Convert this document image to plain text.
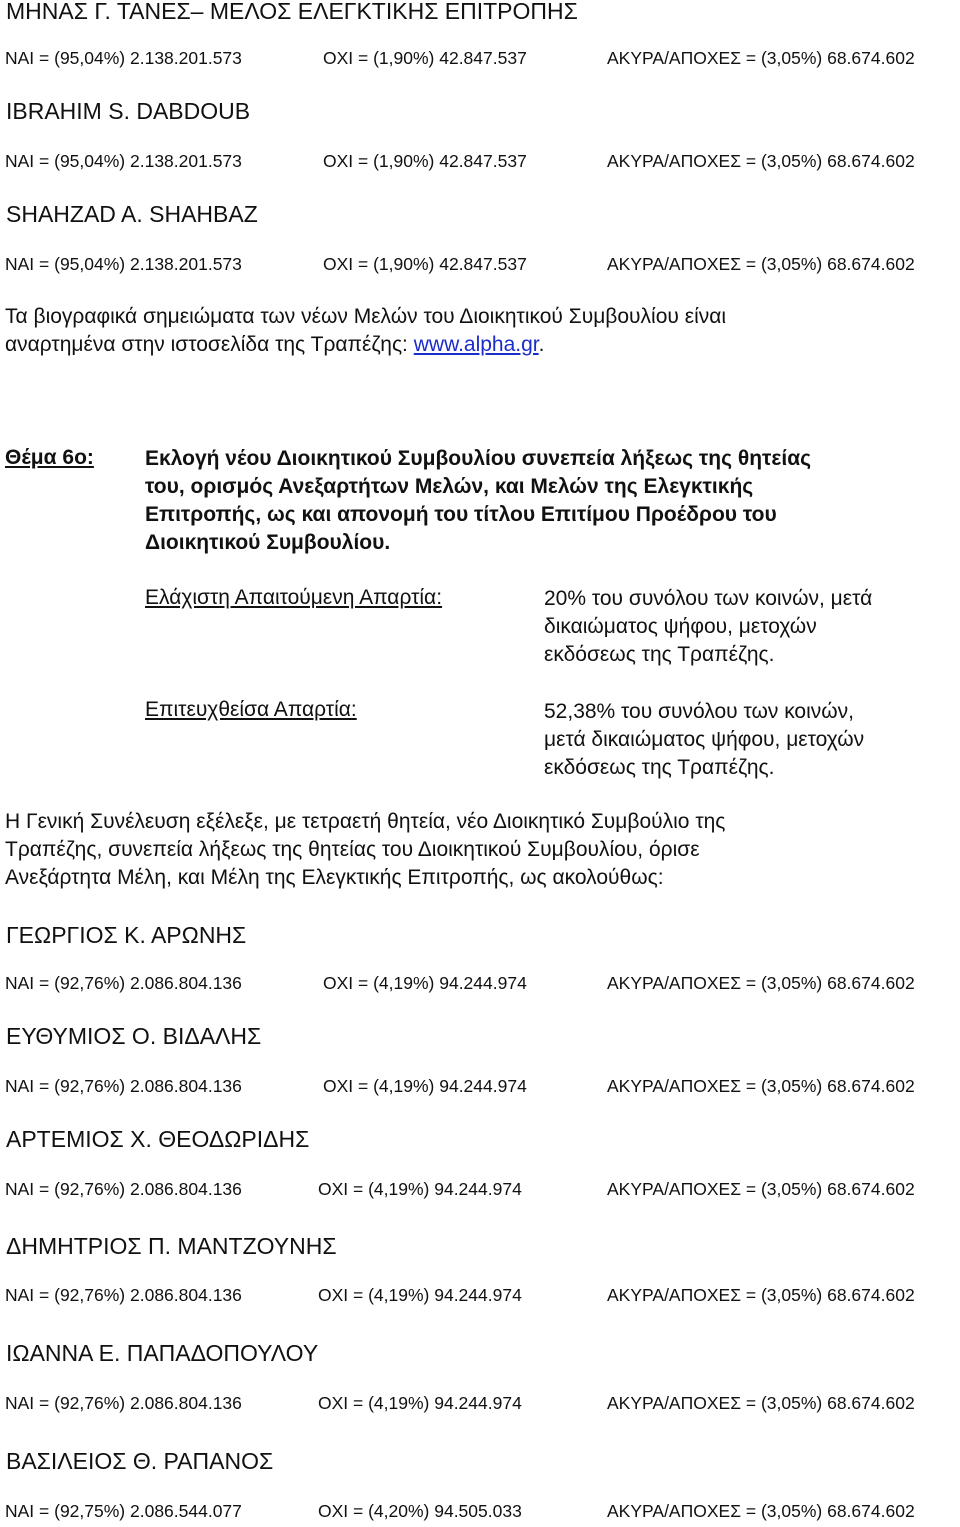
ΜΗΝΑΣ Γ. ΤΑΝΕΣ– ΜΕΛΟΣ ΕΛΕΓΚΤΙΚΗΣ ΕΠΙΤΡΟΠΗΣ
ΝΑΙ = (95,04%) 2.138.201.573	ΟΧΙ = (1,90%) 42.847.537	ΑΚΥΡΑ/ΑΠΟΧΕΣ = (3,05%) 68.674.602
IBRAHIM S. DABDOUB
ΝΑΙ = (95,04%) 2.138.201.573	ΟΧΙ = (1,90%) 42.847.537	ΑΚΥΡΑ/ΑΠΟΧΕΣ = (3,05%) 68.674.602
SHAHZAD A. SHAHBAZ
ΝΑΙ = (95,04%) 2.138.201.573	ΟΧΙ = (1,90%) 42.847.537	ΑΚΥΡΑ/ΑΠΟΧΕΣ = (3,05%) 68.674.602
Τα βιογραφικά σημειώματα των νέων Μελών του Διοικητικού Συμβουλίου είναι
αναρτημένα στην ιστοσελίδα της Τραπέζης: www.alpha.gr.
Θέμα 6ο: Εκλογή νέου Διοικητικού Συμβουλίου συνεπεία λήξεως της θητείας
του, ορισμός Ανεξαρτήτων Μελών, και Μελών της Ελεγκτικής
Επιτροπής, ως και απονομή του τίτλου Επιτίμου Προέδρου του
Διοικητικού Συμβουλίου.
Ελάχιστη Απαιτούμενη Απαρτία:	20% του συνόλου των κοινών, μετά
δικαιώματος ψήφου, μετοχών
εκδόσεως της Τραπέζης.
Επιτευχθείσα Απαρτία:	52,38% του συνόλου των κοινών,
μετά δικαιώματος ψήφου, μετοχών
εκδόσεως της Τραπέζης.
Η Γενική Συνέλευση εξέλεξε, με τετραετή θητεία, νέο Διοικητικό Συμβούλιο της
Τραπέζης, συνεπεία λήξεως της θητείας του Διοικητικού Συμβουλίου, όρισε
Ανεξάρτητα Μέλη, και Μέλη της Ελεγκτικής Επιτροπής, ως ακολούθως:
ΓΕΩΡΓΙΟΣ Κ. ΑΡΩΝΗΣ
ΝΑΙ = (92,76%) 2.086.804.136	ΟΧΙ = (4,19%) 94.244.974	ΑΚΥΡΑ/ΑΠΟΧΕΣ = (3,05%) 68.674.602
ΕΥΘΥΜΙΟΣ Ο. ΒΙΔΑΛΗΣ
ΝΑΙ = (92,76%) 2.086.804.136	ΟΧΙ = (4,19%) 94.244.974	ΑΚΥΡΑ/ΑΠΟΧΕΣ = (3,05%) 68.674.602
ΑΡΤΕΜΙΟΣ Χ. ΘΕΟΔΩΡΙΔΗΣ
ΝΑΙ = (92,76%) 2.086.804.136	ΟΧΙ = (4,19%) 94.244.974	ΑΚΥΡΑ/ΑΠΟΧΕΣ = (3,05%) 68.674.602
ΔΗΜΗΤΡΙΟΣ Π. ΜΑΝΤΖΟΥΝΗΣ
ΝΑΙ = (92,76%) 2.086.804.136	ΟΧΙ = (4,19%) 94.244.974	ΑΚΥΡΑ/ΑΠΟΧΕΣ = (3,05%) 68.674.602
ΙΩΑΝΝΑ Ε. ΠΑΠΑΔΟΠΟΥΛΟΥ
ΝΑΙ = (92,76%) 2.086.804.136	ΟΧΙ = (4,19%) 94.244.974	ΑΚΥΡΑ/ΑΠΟΧΕΣ = (3,05%) 68.674.602
ΒΑΣΙΛΕΙΟΣ Θ. ΡΑΠΑΝΟΣ
ΝΑΙ = (92,75%) 2.086.544.077	ΟΧΙ = (4,20%) 94.505.033	ΑΚΥΡΑ/ΑΠΟΧΕΣ = (3,05%) 68.674.602
